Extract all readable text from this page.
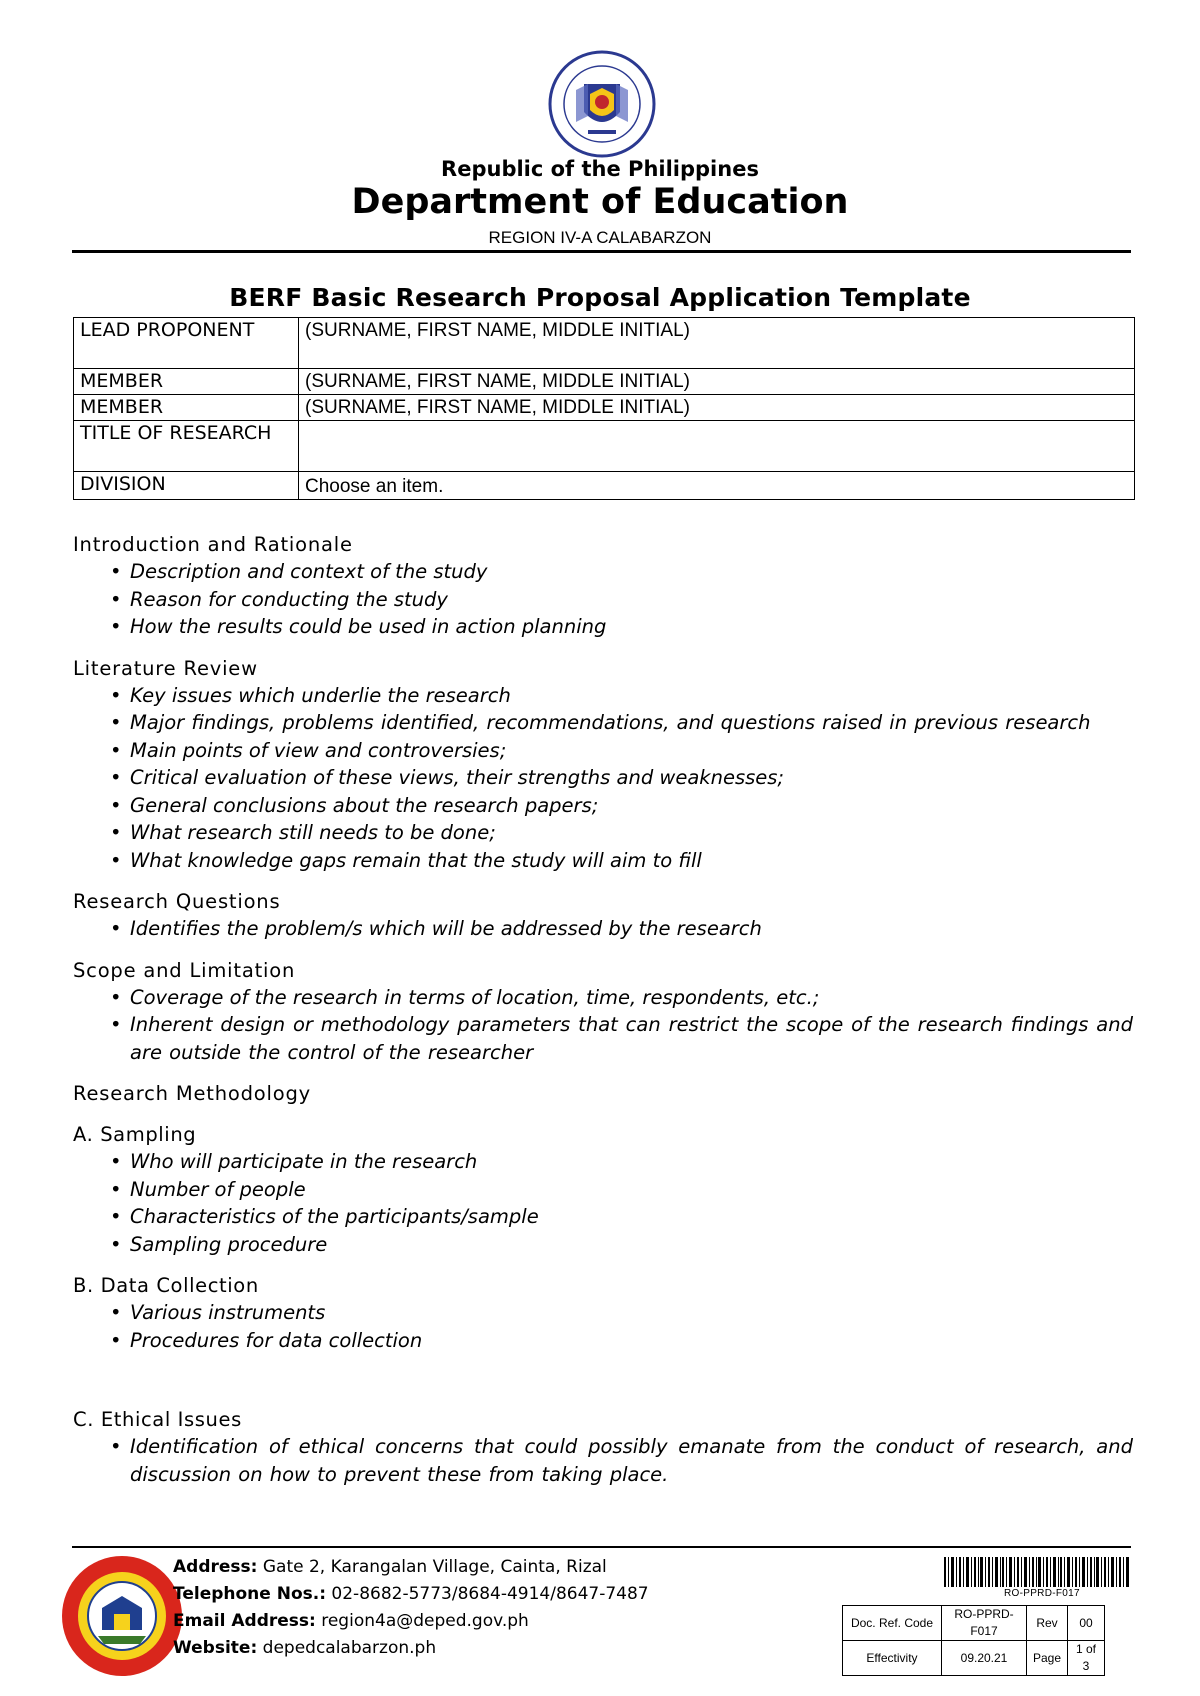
Republic of the Philippines
Department of Education
REGION IV-A CALABARZON
BERF Basic Research Proposal Application Template
LEAD PROPONENT	(SURNAME, FIRST NAME, MIDDLE INITIAL)
MEMBER	(SURNAME, FIRST NAME, MIDDLE INITIAL)
MEMBER	(SURNAME, FIRST NAME, MIDDLE INITIAL)
TITLE OF RESEARCH	
DIVISION	Choose an item.

Introduction and Rationale

• Description and context of the study
• Reason for conducting the study
• How the results could be used in action planning

Literature Review

• Key issues which underlie the research
• Major findings, problems identified, recommendations, and questions raised in previous research
• Main points of view and controversies;
• Critical evaluation of these views, their strengths and weaknesses;
• General conclusions about the research papers;
• What research still needs to be done;
• What knowledge gaps remain that the study will aim to fill

Research Questions

• Identifies the problem/s which will be addressed by the research

Scope and Limitation

• Coverage of the research in terms of location, time, respondents, etc.;
• Inherent design or methodology parameters that can restrict the scope of the research findings and are outside the control of the researcher

Research Methodology

A. Sampling

• Who will participate in the research
• Number of people
• Characteristics of the participants/sample
• Sampling procedure

B. Data Collection

• Various instruments
• Procedures for data collection

C. Ethical Issues

• Identification of ethical concerns that could possibly emanate from the conduct of research, and discussion on how to prevent these from taking place.
Address: Gate 2, Karangalan Village, Cainta, Rizal
Telephone Nos.: 02-8682-5773/8684-4914/8647-7487
Email Address: region4a@deped.gov.ph
Website: depedcalabarzon.ph
RO-PPRD-F017
Doc. Ref. Code	RO-PPRD-F017	Rev	00
Effectivity	09.20.21	Page	1 of 3
